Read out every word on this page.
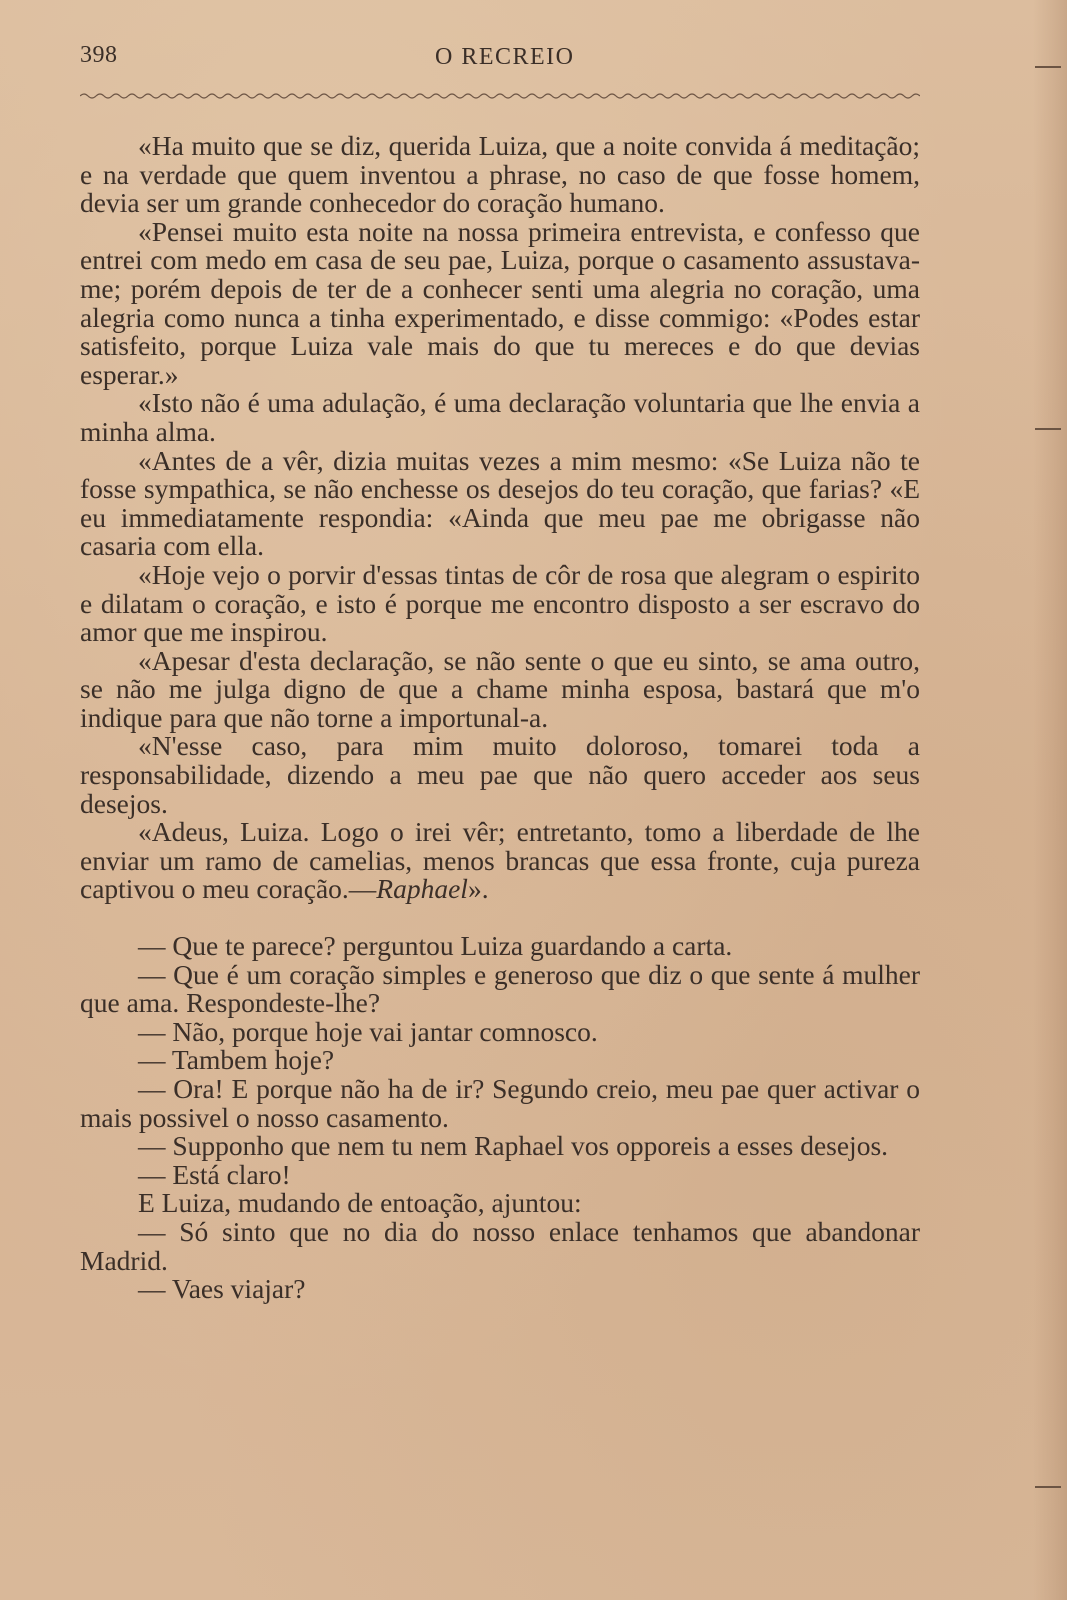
398	O RECREIO

«Ha muito que se diz, querida Luiza, que a noite convida á meditação; e na verdade que quem inventou a phrase, no caso de que fosse homem, devia ser um grande conhecedor do coração humano.

«Pensei muito esta noite na nossa primeira entrevista, e confesso que entrei com medo em casa de seu pae, Luiza, porque o casamento assustava-me; porém depois de ter de a conhecer senti uma alegria no coração, uma alegria como nunca a tinha experimentado, e disse commigo: «Podes estar satisfeito, porque Luiza vale mais do que tu mereces e do que devias esperar.»

«Isto não é uma adulação, é uma declaração voluntaria que lhe envia a minha alma.

«Antes de a vêr, dizia muitas vezes a mim mesmo: «Se Luiza não te fosse sympathica, se não enchesse os desejos do teu coração, que farias? «E eu immediatamente respondia: «Ainda que meu pae me obrigasse não casaria com ella.

«Hoje vejo o porvir d'essas tintas de côr de rosa que alegram o espirito e dilatam o coração, e isto é porque me encontro disposto a ser escravo do amor que me inspirou.

«Apesar d'esta declaração, se não sente o que eu sinto, se ama outro, se não me julga digno de que a chame minha esposa, bastará que m'o indique para que não torne a importunal-a.

«N'esse caso, para mim muito doloroso, tomarei toda a responsabilidade, dizendo a meu pae que não quero acceder aos seus desejos.

«Adeus, Luiza. Logo o irei vêr; entretanto, tomo a liberdade de lhe enviar um ramo de camelias, menos brancas que essa fronte, cuja pureza captivou o meu coração.—Raphael».

— Que te parece? perguntou Luiza guardando a carta.

— Que é um coração simples e generoso que diz o que sente á mulher que ama. Respondeste-lhe?

— Não, porque hoje vai jantar comnosco.

— Tambem hoje?

— Ora! E porque não ha de ir? Segundo creio, meu pae quer activar o mais possivel o nosso casamento.

— Supponho que nem tu nem Raphael vos opporeis a esses desejos.

— Está claro!

E Luiza, mudando de entoação, ajuntou:

— Só sinto que no dia do nosso enlace tenhamos que abandonar Madrid.

— Vaes viajar?
